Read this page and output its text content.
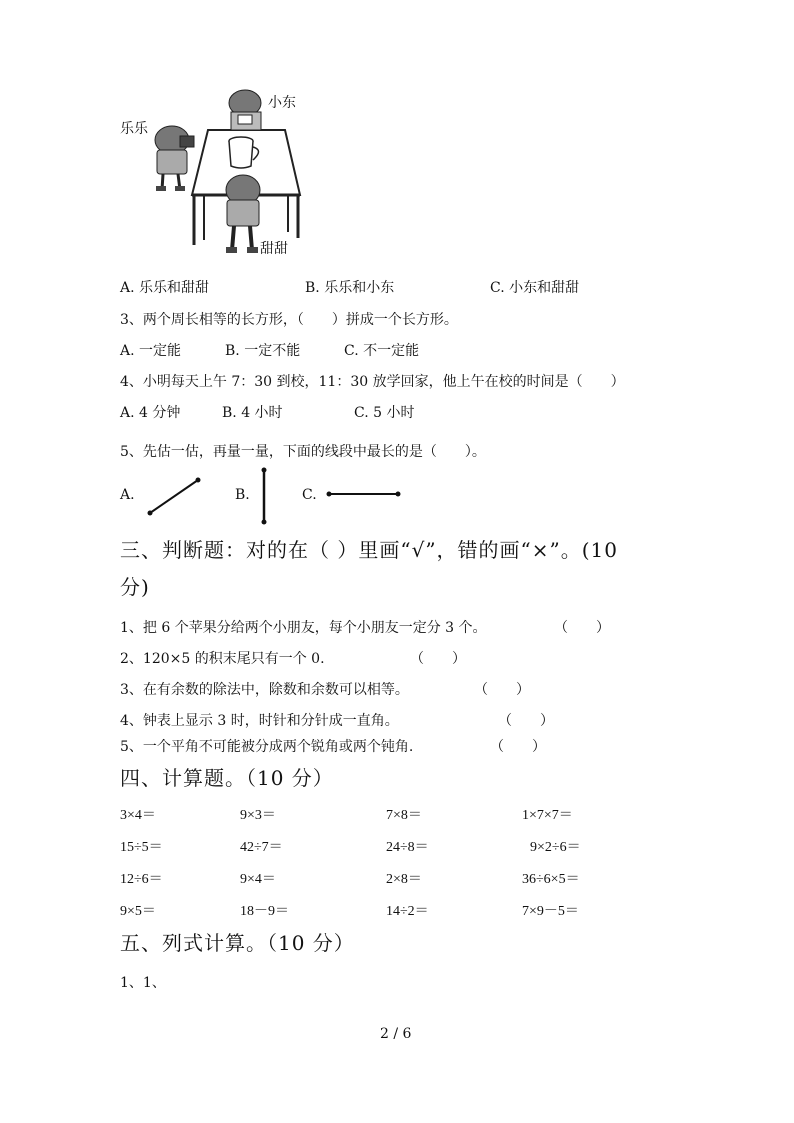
乐乐
小东
甜甜
A. 乐乐和甜甜	B. 乐乐和小东	C. 小东和甜甜
3、两个周长相等的长方形，（　　）拼成一个长方形。
A. 一定能	B. 一定不能	C. 不一定能
4、小明每天上午 7：30 到校，11：30 放学回家，他上午在校的时间是（　　）
A. 4 分钟	B. 4 小时	C. 5 小时
5、先估一估，再量一量，下面的线段中最长的是（　　）。
A.	B.	C.
三、判断题：对的在（ ）里画“√”，错的画“×”。(10
分)
1、把 6 个苹果分给两个小朋友，每个小朋友一定分 3 个。	（　　）
2、120×5 的积末尾只有一个 0.	（　　）
3、在有余数的除法中，除数和余数可以相等。	（　　）
4、钟表上显示 3 时，时针和分针成一直角。	（　　）
5、一个平角不可能被分成两个锐角或两个钝角.	（　　）
四、计算题。（10 分）
3×4＝	9×3＝	7×8＝	1×7×7＝
15÷5＝	42÷7＝	24÷8＝	9×2÷6＝
12÷6＝	9×4＝	2×8＝	36÷6×5＝
9×5＝	18－9＝	14÷2＝	7×9－5＝
五、列式计算。（10 分）
1、1、
2 / 6
